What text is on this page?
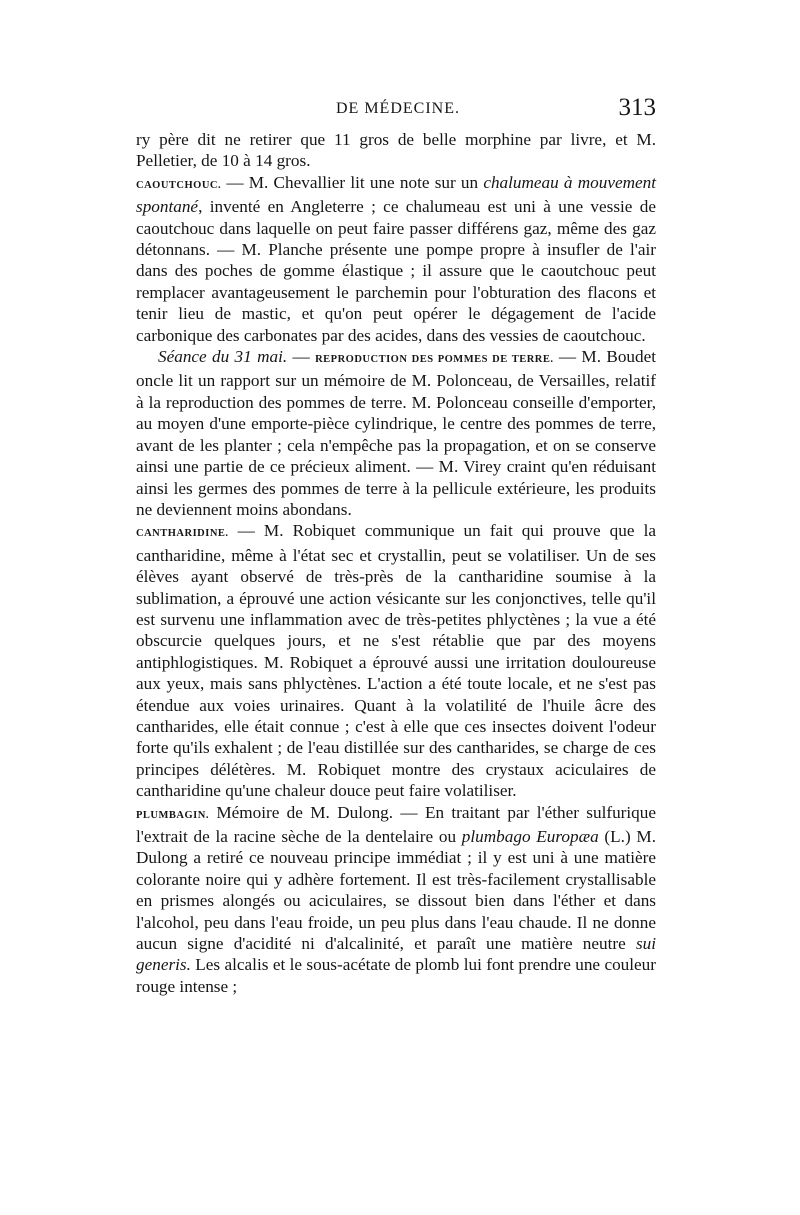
DE MÉDECINE.	313

ry père dit ne retirer que 11 gros de belle morphine par livre, et M. Pelletier, de 10 à 14 gros.

CAOUTCHOUC. — M. Chevallier lit une note sur un chalumeau à mouvement spontané, inventé en Angleterre ; ce chalumeau est uni à une vessie de caoutchouc dans laquelle on peut faire passer différens gaz, même des gaz détonnans. — M. Planche présente une pompe propre à insufler de l'air dans des poches de gomme élastique ; il assure que le caoutchouc peut remplacer avantageusement le parchemin pour l'obturation des flacons et tenir lieu de mastic, et qu'on peut opérer le dégagement de l'acide carbonique des carbonates par des acides, dans des vessies de caoutchouc.

Séance du 31 mai. — REPRODUCTION DES POMMES DE TERRE. — M. Boudet oncle lit un rapport sur un mémoire de M. Polonceau, de Versailles, relatif à la reproduction des pommes de terre. M. Polonceau conseille d'emporter, au moyen d'une emporte-pièce cylindrique, le centre des pommes de terre, avant de les planter ; cela n'empêche pas la propagation, et on se conserve ainsi une partie de ce précieux aliment. — M. Virey craint qu'en réduisant ainsi les germes des pommes de terre à la pellicule extérieure, les produits ne deviennent moins abondans.

CANTHARIDINE. — M. Robiquet communique un fait qui prouve que la cantharidine, même à l'état sec et crystallin, peut se volatiliser. Un de ses élèves ayant observé de très-près de la cantharidine soumise à la sublimation, a éprouvé une action vésicante sur les conjonctives, telle qu'il est survenu une inflammation avec de très-petites phlyctènes ; la vue a été obscurcie quelques jours, et ne s'est rétablie que par des moyens antiphlogistiques. M. Robiquet a éprouvé aussi une irritation douloureuse aux yeux, mais sans phlyctènes. L'action a été toute locale, et ne s'est pas étendue aux voies urinaires. Quant à la volatilité de l'huile âcre des cantharides, elle était connue ; c'est à elle que ces insectes doivent l'odeur forte qu'ils exhalent ; de l'eau distillée sur des cantharides, se charge de ces principes délétères. M. Robiquet montre des crystaux aciculaires de cantharidine qu'une chaleur douce peut faire volatiliser.

PLUMBAGIN. Mémoire de M. Dulong. — En traitant par l'éther sulfurique l'extrait de la racine sèche de la dentelaire ou plumbago Europæa (L.) M. Dulong a retiré ce nouveau principe immédiat ; il y est uni à une matière colorante noire qui y adhère fortement. Il est très-facilement crystallisable en prismes alongés ou aciculaires, se dissout bien dans l'éther et dans l'alcohol, peu dans l'eau froide, un peu plus dans l'eau chaude. Il ne donne aucun signe d'acidité ni d'alcalinité, et paraît une matière neutre sui generis. Les alcalis et le sous-acétate de plomb lui font prendre une couleur rouge intense ;
